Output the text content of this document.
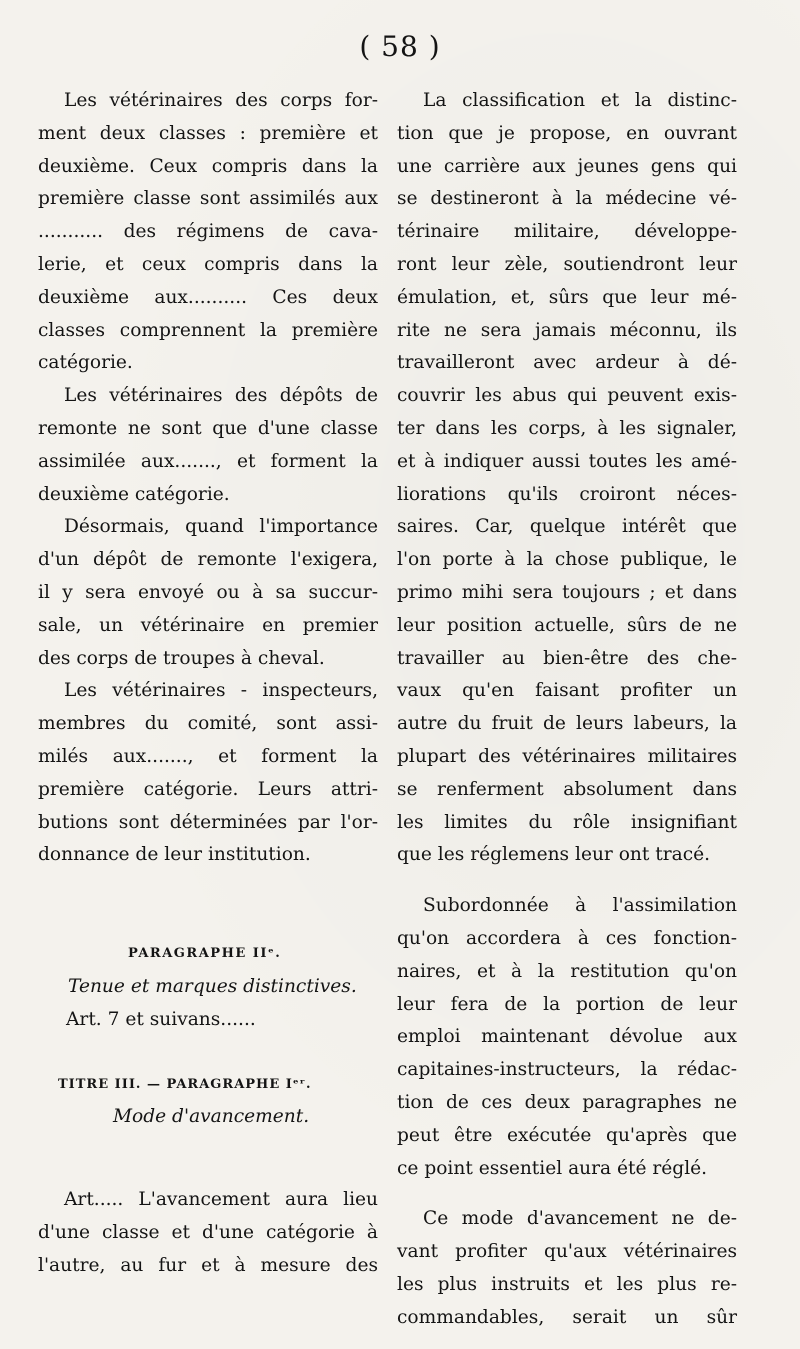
( 58 )
Les vétérinaires des corps for-
ment deux classes : première et
deuxième. Ceux compris dans la
première classe sont assimilés aux
........... des régimens de cava-
lerie, et ceux compris dans la
deuxième aux.......... Ces deux
classes comprennent la première
catégorie.
Les vétérinaires des dépôts de
remonte ne sont que d'une classe
assimilée aux......., et forment la
deuxième catégorie.
Désormais, quand l'importance
d'un dépôt de remonte l'exigera,
il y sera envoyé ou à sa succur-
sale, un vétérinaire en premier
des corps de troupes à cheval.
Les vétérinaires - inspecteurs,
membres du comité, sont assi-
milés aux......., et forment la
première catégorie. Leurs attri-
butions sont déterminées par l'or-
donnance de leur institution.
PARAGRAPHE IIᵉ.
Tenue et marques distinctives.
Art. 7 et suivans......
TITRE III. — PARAGRAPHE Iᵉʳ.
Mode d'avancement.
Art..... L'avancement aura lieu
d'une classe et d'une catégorie à
l'autre, au fur et à mesure des
La classification et la distinc-
tion que je propose, en ouvrant
une carrière aux jeunes gens qui
se destineront à la médecine vé-
térinaire militaire, développe-
ront leur zèle, soutiendront leur
émulation, et, sûrs que leur mé-
rite ne sera jamais méconnu, ils
travailleront avec ardeur à dé-
couvrir les abus qui peuvent exis-
ter dans les corps, à les signaler,
et à indiquer aussi toutes les amé-
liorations qu'ils croiront néces-
saires. Car, quelque intérêt que
l'on porte à la chose publique, le
primo mihi sera toujours ; et dans
leur position actuelle, sûrs de ne
travailler au bien-être des che-
vaux qu'en faisant profiter un
autre du fruit de leurs labeurs, la
plupart des vétérinaires militaires
se renferment absolument dans
les limites du rôle insignifiant
que les réglemens leur ont tracé.
Subordonnée à l'assimilation
qu'on accordera à ces fonction-
naires, et à la restitution qu'on
leur fera de la portion de leur
emploi maintenant dévolue aux
capitaines-instructeurs, la rédac-
tion de ces deux paragraphes ne
peut être exécutée qu'après que
ce point essentiel aura été réglé.
Ce mode d'avancement ne de-
vant profiter qu'aux vétérinaires
les plus instruits et les plus re-
commandables, serait un sûr
